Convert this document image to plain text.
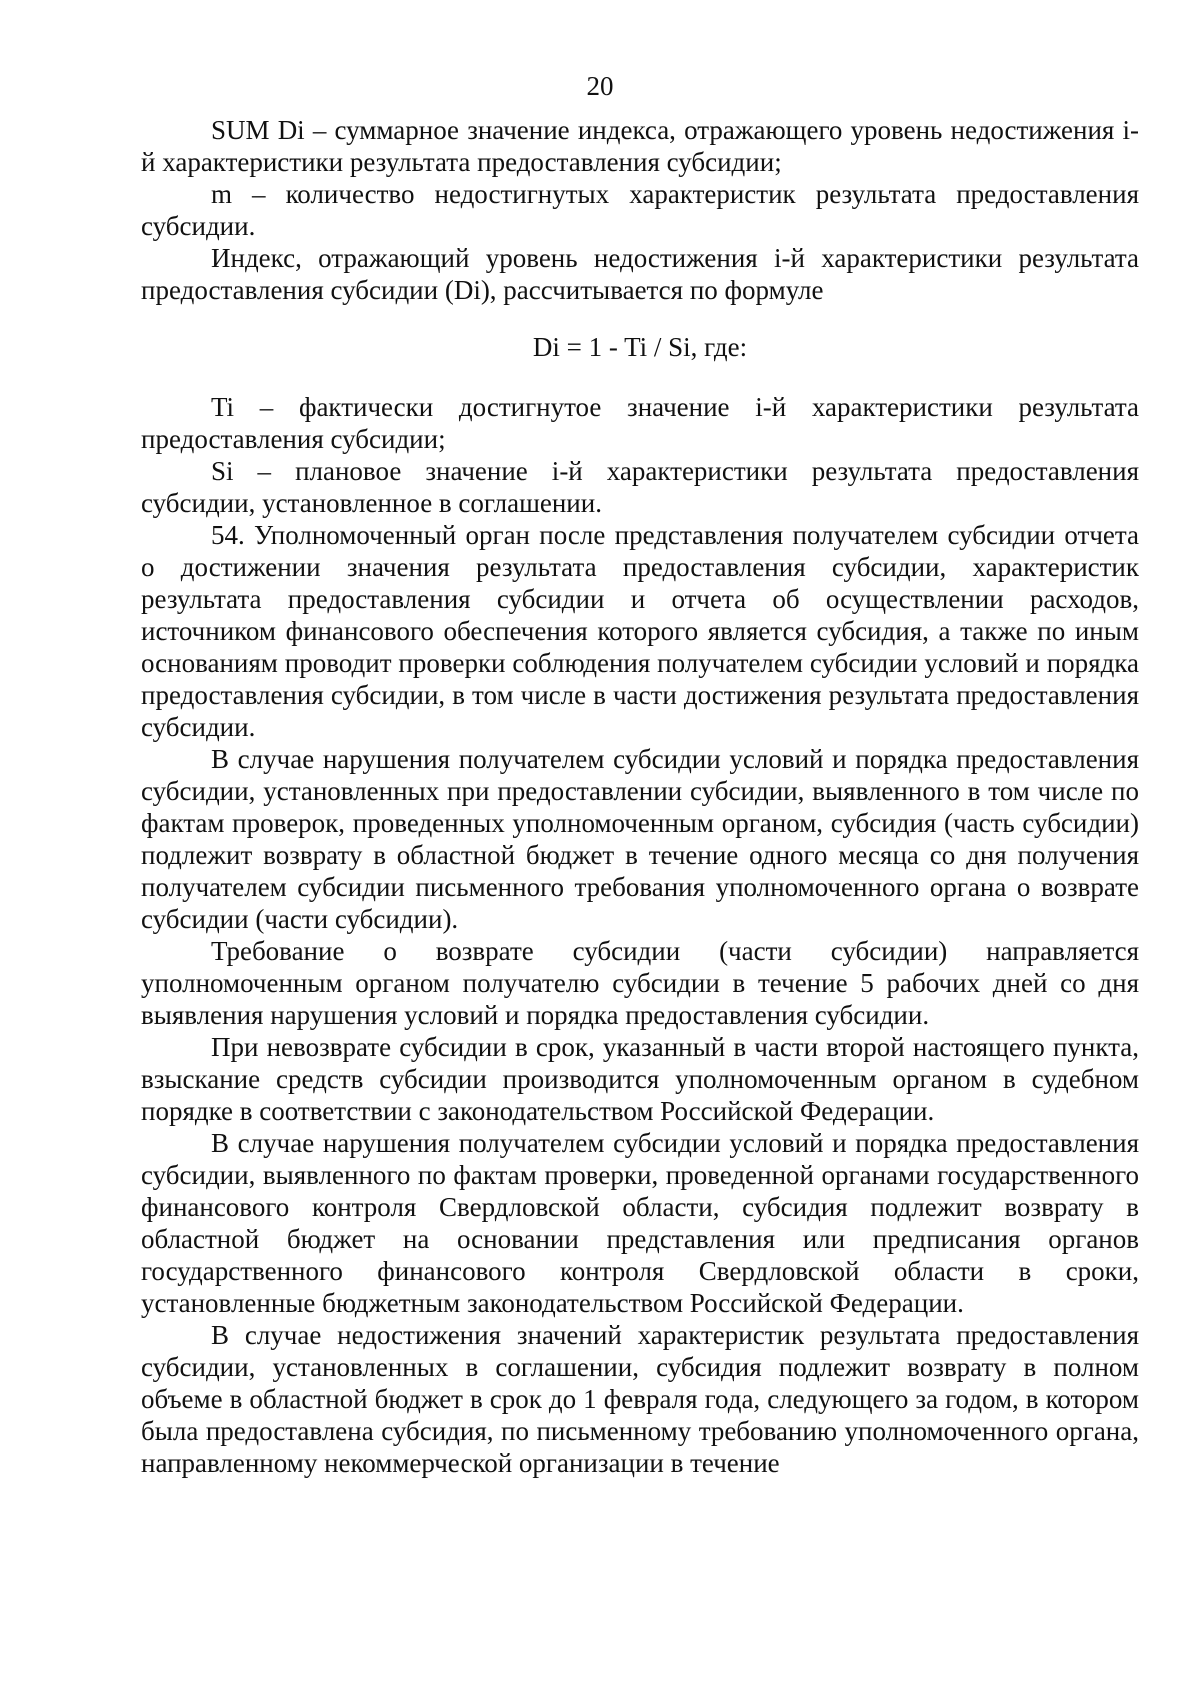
20

SUM Di – суммарное значение индекса, отражающего уровень недостижения i-й характеристики результата предоставления субсидии;

m – количество недостигнутых характеристик результата предоставления субсидии.

Индекс, отражающий уровень недостижения i-й характеристики результата предоставления субсидии (Di), рассчитывается по формуле

Di = 1 - Ti / Si, где:

Ti – фактически достигнутое значение i-й характеристики результата предоставления субсидии;

Si – плановое значение i-й характеристики результата предоставления субсидии, установленное в соглашении.

54. Уполномоченный орган после представления получателем субсидии отчета о достижении значения результата предоставления субсидии, характеристик результата предоставления субсидии и отчета об осуществлении расходов, источником финансового обеспечения которого является субсидия, а также по иным основаниям проводит проверки соблюдения получателем субсидии условий и порядка предоставления субсидии, в том числе в части достижения результата предоставления субсидии.

В случае нарушения получателем субсидии условий и порядка предоставления субсидии, установленных при предоставлении субсидии, выявленного в том числе по фактам проверок, проведенных уполномоченным органом, субсидия (часть субсидии) подлежит возврату в областной бюджет в течение одного месяца со дня получения получателем субсидии письменного требования уполномоченного органа о возврате субсидии (части субсидии).

Требование о возврате субсидии (части субсидии) направляется уполномоченным органом получателю субсидии в течение 5 рабочих дней со дня выявления нарушения условий и порядка предоставления субсидии.

При невозврате субсидии в срок, указанный в части второй настоящего пункта, взыскание средств субсидии производится уполномоченным органом в судебном порядке в соответствии с законодательством Российской Федерации.

В случае нарушения получателем субсидии условий и порядка предоставления субсидии, выявленного по фактам проверки, проведенной органами государственного финансового контроля Свердловской области, субсидия подлежит возврату в областной бюджет на основании представления или предписания органов государственного финансового контроля Свердловской области в сроки, установленные бюджетным законодательством Российской Федерации.

В случае недостижения значений характеристик результата предоставления субсидии, установленных в соглашении, субсидия подлежит возврату в полном объеме в областной бюджет в срок до 1 февраля года, следующего за годом, в котором была предоставлена субсидия, по письменному требованию уполномоченного органа, направленному некоммерческой организации в течение
